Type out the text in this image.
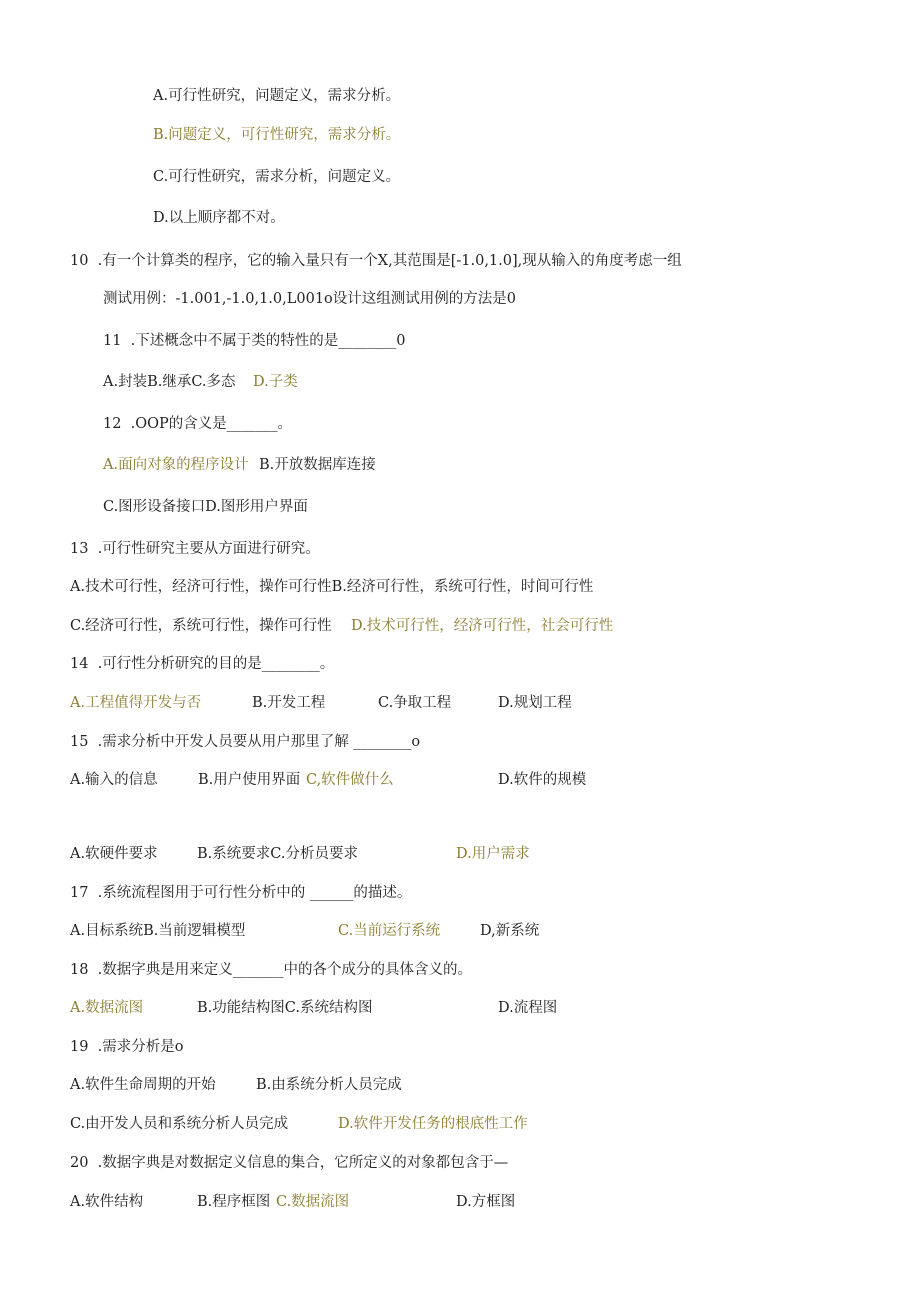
A.可行性研究，问题定义，需求分析。
B.问题定义，可行性研究，需求分析。
C.可行性研究，需求分析，问题定义。
D.以上顺序都不对。
10  .有一个计算类的程序，它的输入量只有一个X,其范围是[-1.0,1.0],现从输入的角度考虑一组
测试用例：-1.001,-1.0,1.0,L001o设计这组测试用例的方法是0
11  .下述概念中不属于类的特性的是________0
A.封装B.继承C.多态 D.子类
12  .OOP的含义是_______。
A.面向对象的程序设计 B.开放数据库连接
C.图形设备接口D.图形用户界面
13  .可行性研究主要从方面进行研究。
A.技术可行性，经济可行性，操作可行性B.经济可行性，系统可行性，时间可行性
C.经济可行性，系统可行性，操作可行性 D.技术可行性，经济可行性，社会可行性
14  .可行性分析研究的目的是________。
A.工程值得开发与否	B.开发工程	C.争取工程	D.规划工程
15  .需求分析中开发人员要从用户那里了解 ________o
A.输入的信息	B.用户使用界面 C,软件做什么	D.软件的规模
A.软硬件要求	B.系统要求C.分析员要求	D.用户需求
17  .系统流程图用于可行性分析中的 ______的描述。
A.目标系统B.当前逻辑模型	C.当前运行系统	D,新系统
18  .数据字典是用来定义_______中的各个成分的具体含义的。
A.数据流图	B.功能结构图C.系统结构图	D.流程图
19  .需求分析是o
A.软件生命周期的开始	B.由系统分析人员完成
C.由开发人员和系统分析人员完成	D.软件开发任务的根底性工作
20  .数据字典是对数据定义信息的集合，它所定义的对象都包含于—
A.软件结构	B.程序框图 C.数据流图	D.方框图
